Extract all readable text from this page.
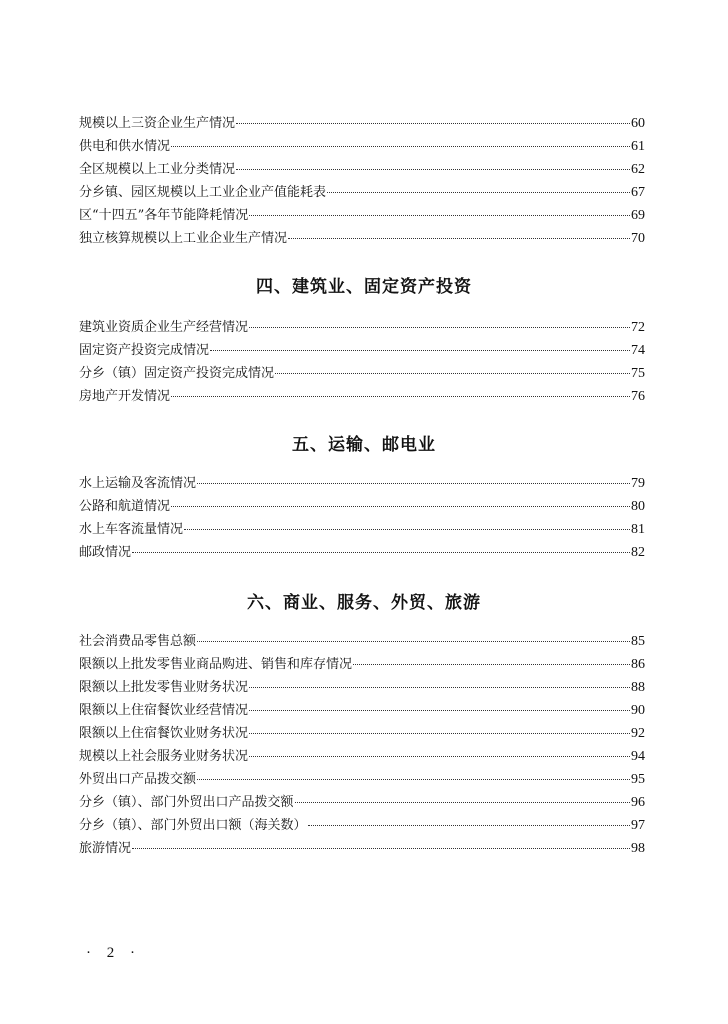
规模以上三资企业生产情况	60
供电和供水情况	61
全区规模以上工业分类情况	62
分乡镇、园区规模以上工业企业产值能耗表	67
区“十四五”各年节能降耗情况	69
独立核算规模以上工业企业生产情况	70
四、建筑业、固定资产投资
建筑业资质企业生产经营情况	72
固定资产投资完成情况	74
分乡（镇）固定资产投资完成情况	75
房地产开发情况	76
五、运输、邮电业
水上运输及客流情况	79
公路和航道情况	80
水上车客流量情况	81
邮政情况	82
六、商业、服务、外贸、旅游
社会消费品零售总额	85
限额以上批发零售业商品购进、销售和库存情况	86
限额以上批发零售业财务状况	88
限额以上住宿餐饮业经营情况	90
限额以上住宿餐饮业财务状况	92
规模以上社会服务业财务状况	94
外贸出口产品拨交额	95
分乡（镇）、部门外贸出口产品拨交额	96
分乡（镇）、部门外贸出口额（海关数）	97
旅游情况	98
· 2 ·
